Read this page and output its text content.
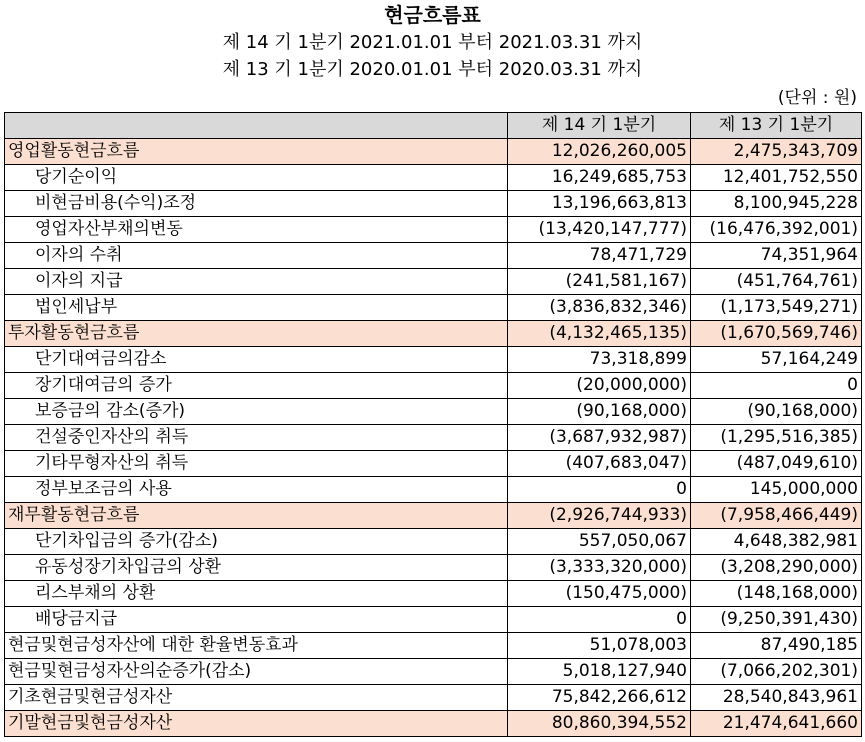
현금흐름표
제 14 기 1분기 2021.01.01 부터 2021.03.31 까지
제 13 기 1분기 2020.01.01 부터 2020.03.31 까지
(단위 : 원)
	제 14 기 1분기	제 13 기 1분기
영업활동현금흐름	12,026,260,005	2,475,343,709
당기순이익	16,249,685,753	12,401,752,550
비현금비용(수익)조정	13,196,663,813	8,100,945,228
영업자산부채의변동	(13,420,147,777)	(16,476,392,001)
이자의 수취	78,471,729	74,351,964
이자의 지급	(241,581,167)	(451,764,761)
법인세납부	(3,836,832,346)	(1,173,549,271)
투자활동현금흐름	(4,132,465,135)	(1,670,569,746)
단기대여금의감소	73,318,899	57,164,249
장기대여금의 증가	(20,000,000)	0
보증금의 감소(증가)	(90,168,000)	(90,168,000)
건설중인자산의 취득	(3,687,932,987)	(1,295,516,385)
기타무형자산의 취득	(407,683,047)	(487,049,610)
정부보조금의 사용	0	145,000,000
재무활동현금흐름	(2,926,744,933)	(7,958,466,449)
단기차입금의 증가(감소)	557,050,067	4,648,382,981
유동성장기차입금의 상환	(3,333,320,000)	(3,208,290,000)
리스부채의 상환	(150,475,000)	(148,168,000)
배당금지급	0	(9,250,391,430)
현금및현금성자산에 대한 환율변동효과	51,078,003	87,490,185
현금및현금성자산의순증가(감소)	5,018,127,940	(7,066,202,301)
기초현금및현금성자산	75,842,266,612	28,540,843,961
기말현금및현금성자산	80,860,394,552	21,474,641,660
